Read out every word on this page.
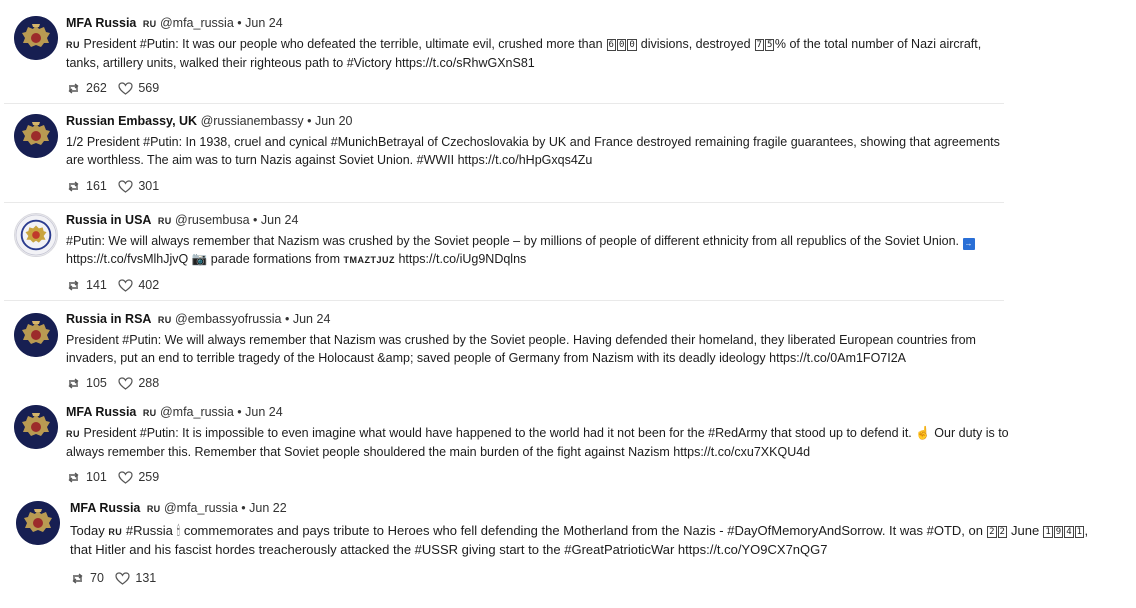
MFA Russia RU @mfa_russia • Jun 24
RU President #Putin: It was our people who defeated the terrible, ultimate evil, crushed more than 6 0 0 divisions, destroyed 7 5 % of the total number of Nazi aircraft, tanks, artillery units, walked their righteous path to #Victory https://t.co/sRhwGXnS81
262
	569
Russian Embassy, UK @russianembassy • Jun 20
1/2 President #Putin: In 1938, cruel and cynical #MunichBetrayal of Czechoslovakia by UK and France destroyed remaining fragile guarantees, showing that agreements are worthless. The aim was to turn Nazis against Soviet Union. #WWII https://t.co/hHpGxqs4Zu
161
	301
Russia in USA RU @rusembusa • Jun 24
#Putin: We will always remember that Nazism was crushed by the Soviet people – by millions of people of different ethnicity from all republics of the Soviet Union. → https://t.co/fvsMlhJjvQ 📷 parade formations from TMAZTJUZ https://t.co/iUg9NDqlns
141
	402
Russia in RSA RU @embassyofrussia • Jun 24
President #Putin: We will always remember that Nazism was crushed by the Soviet people. Having defended their homeland, they liberated European countries from invaders, put an end to terrible tragedy of the Holocaust &amp; saved people of Germany from Nazism with its deadly ideology https://t.co/0Am1FO7I2A
105
	288
MFA Russia RU @mfa_russia • Jun 24
RU President #Putin: It is impossible to even imagine what would have happened to the world had it not been for the #RedArmy that stood up to defend it. ☝ Our duty is to always remember this. Remember that Soviet people shouldered the main burden of the fight against Nazism https://t.co/cxu7XKQU4d
101
	259
MFA Russia RU @mfa_russia • Jun 22
Today RU #Russia 🕯 commemorates and pays tribute to Heroes who fell defending the Motherland from the Nazis - #DayOfMemoryAndSorrow. It was #OTD, on 2 2 June 1 9 4 1 , that Hitler and his fascist hordes treacherously attacked the #USSR giving start to the #GreatPatrioticWar https://t.co/YO9CX7nQG7
70
	131
